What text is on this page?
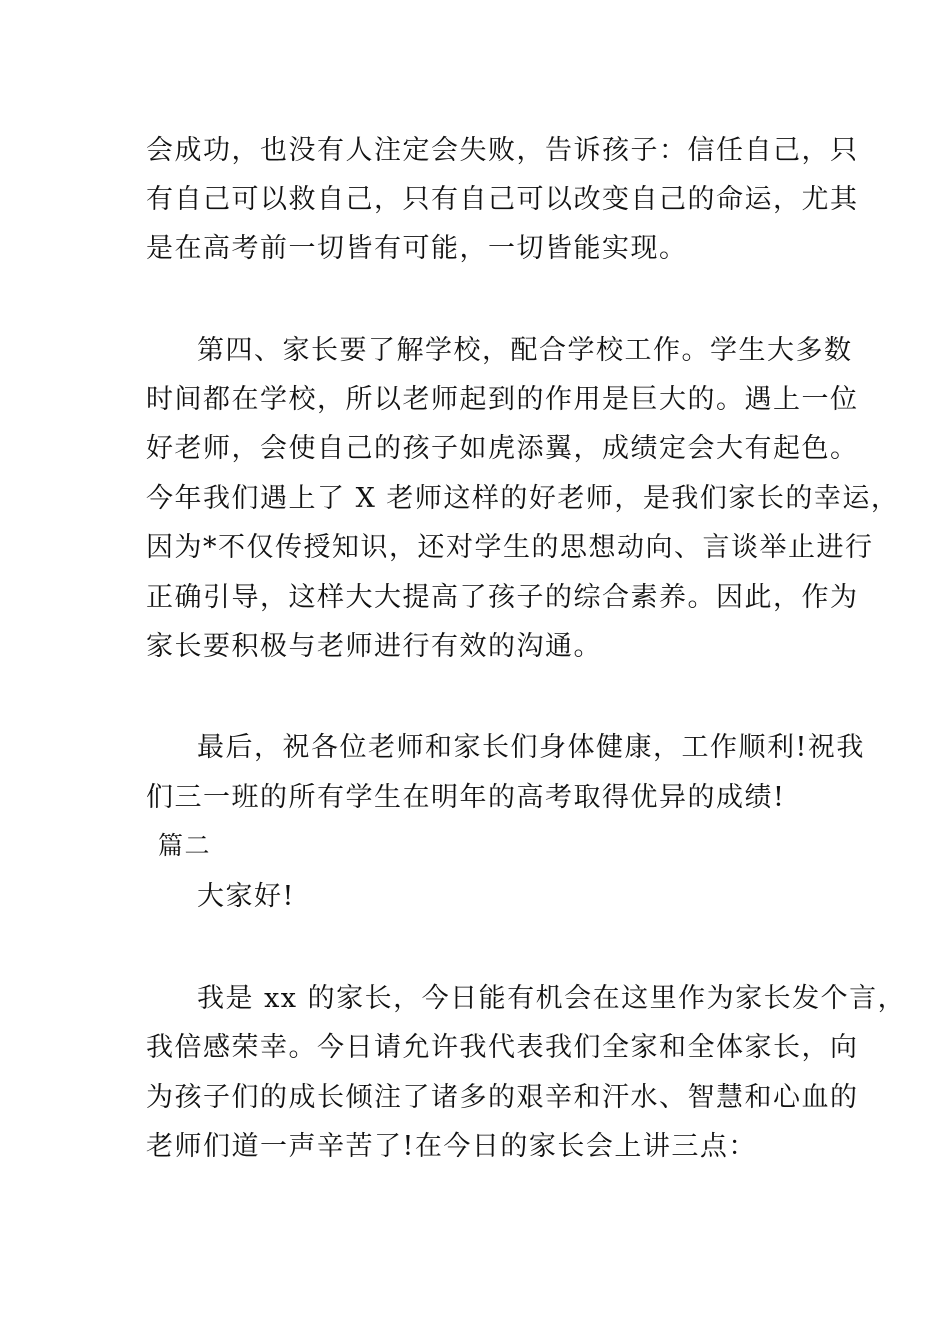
会成功，也没有人注定会失败，告诉孩子：信任自己，只
有自己可以救自己，只有自己可以改变自己的命运，尤其
是在高考前一切皆有可能，一切皆能实现。
第四、家长要了解学校，配合学校工作。学生大多数
时间都在学校，所以老师起到的作用是巨大的。遇上一位
好老师，会使自己的孩子如虎添翼，成绩定会大有起色。
今年我们遇上了 X 老师这样的好老师，是我们家长的幸运，
因为*不仅传授知识，还对学生的思想动向、言谈举止进行
正确引导，这样大大提高了孩子的综合素养。因此，作为
家长要积极与老师进行有效的沟通。
最后，祝各位老师和家长们身体健康，工作顺利!祝我
们三一班的所有学生在明年的高考取得优异的成绩!
篇二
大家好!
我是 xx 的家长，今日能有机会在这里作为家长发个言，
我倍感荣幸。今日请允许我代表我们全家和全体家长，向
为孩子们的成长倾注了诸多的艰辛和汗水、智慧和心血的
老师们道一声辛苦了!在今日的家长会上讲三点：
